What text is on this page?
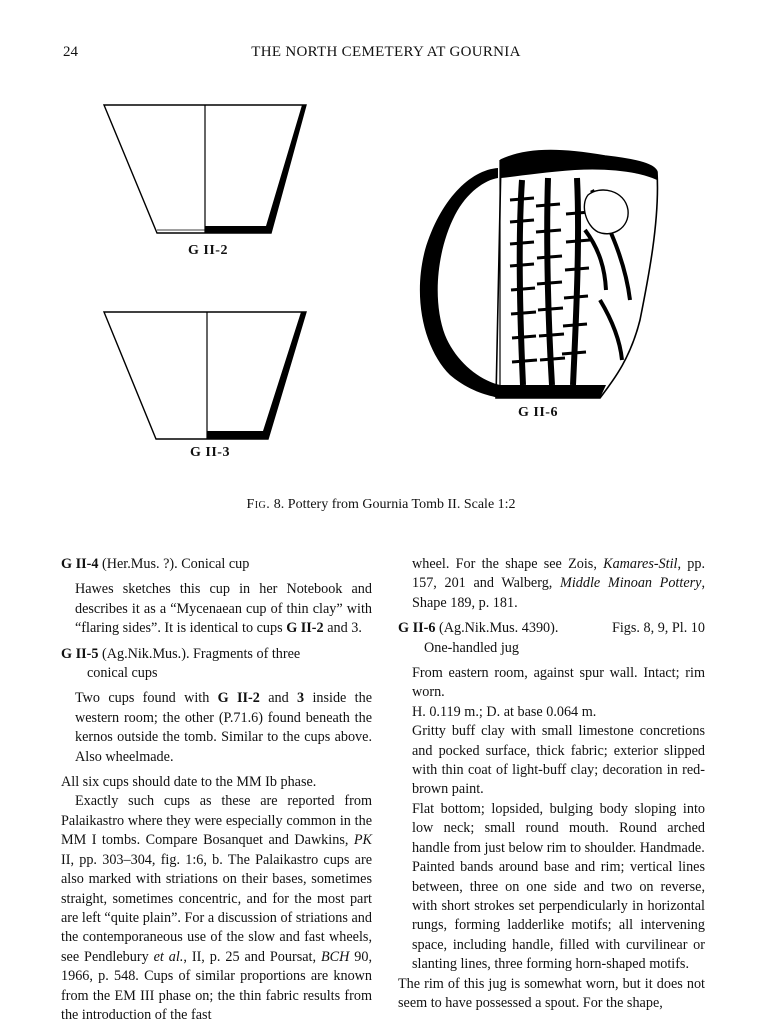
24	THE NORTH CEMETERY AT GOURNIA
G II-2
G II-3
G II-6
Fig. 8. Pottery from Gournia Tomb II. Scale 1:2

G II-4 (Her.Mus. ?). Conical cup

Hawes sketches this cup in her Notebook and describes it as a “Mycenaean cup of thin clay” with “flaring sides”. It is identical to cups G II-2 and 3.

G II-5 (Ag.Nik.Mus.). Fragments of three

conical cups

Two cups found with G II-2 and 3 inside the western room; the other (P.71.6) found beneath the kernos outside the tomb. Similar to the cups above. Also wheelmade.

All six cups should date to the MM Ib phase.

Exactly such cups as these are reported from Palaikastro where they were especially common in the MM I tombs. Compare Bosanquet and Dawkins, PK II, pp. 303–304, fig. 1:6, b. The Palaikastro cups are also marked with striations on their bases, sometimes straight, sometimes concentric, and for the most part are left “quite plain”. For a discussion of striations and the contemporaneous use of the slow and fast wheels, see Pendlebury et al., II, p. 25 and Poursat, BCH 90, 1966, p. 548. Cups of similar proportions are known from the EM III phase on; the thin fabric results from the introduction of the fast

wheel. For the shape see Zois, Kamares-Stil, pp. 157, 201 and Walberg, Middle Minoan Pottery, Shape 189, p. 181.

G II-6 (Ag.Nik.Mus. 4390).	Figs. 8, 9, Pl. 10

One-handled jug

From eastern room, against spur wall. Intact; rim worn.

H. 0.119 m.; D. at base 0.064 m.

Gritty buff clay with small limestone concretions and pocked surface, thick fabric; exterior slipped with thin coat of light-buff clay; decoration in red-brown paint.

Flat bottom; lopsided, bulging body sloping into low neck; small round mouth. Round arched handle from just below rim to shoulder. Handmade.

Painted bands around base and rim; vertical lines between, three on one side and two on reverse, with short strokes set perpendicularly in horizontal rungs, forming ladderlike motifs; all intervening space, including handle, filled with curvilinear or slanting lines, three forming horn-shaped motifs.

The rim of this jug is somewhat worn, but it does not seem to have possessed a spout. For the shape,
